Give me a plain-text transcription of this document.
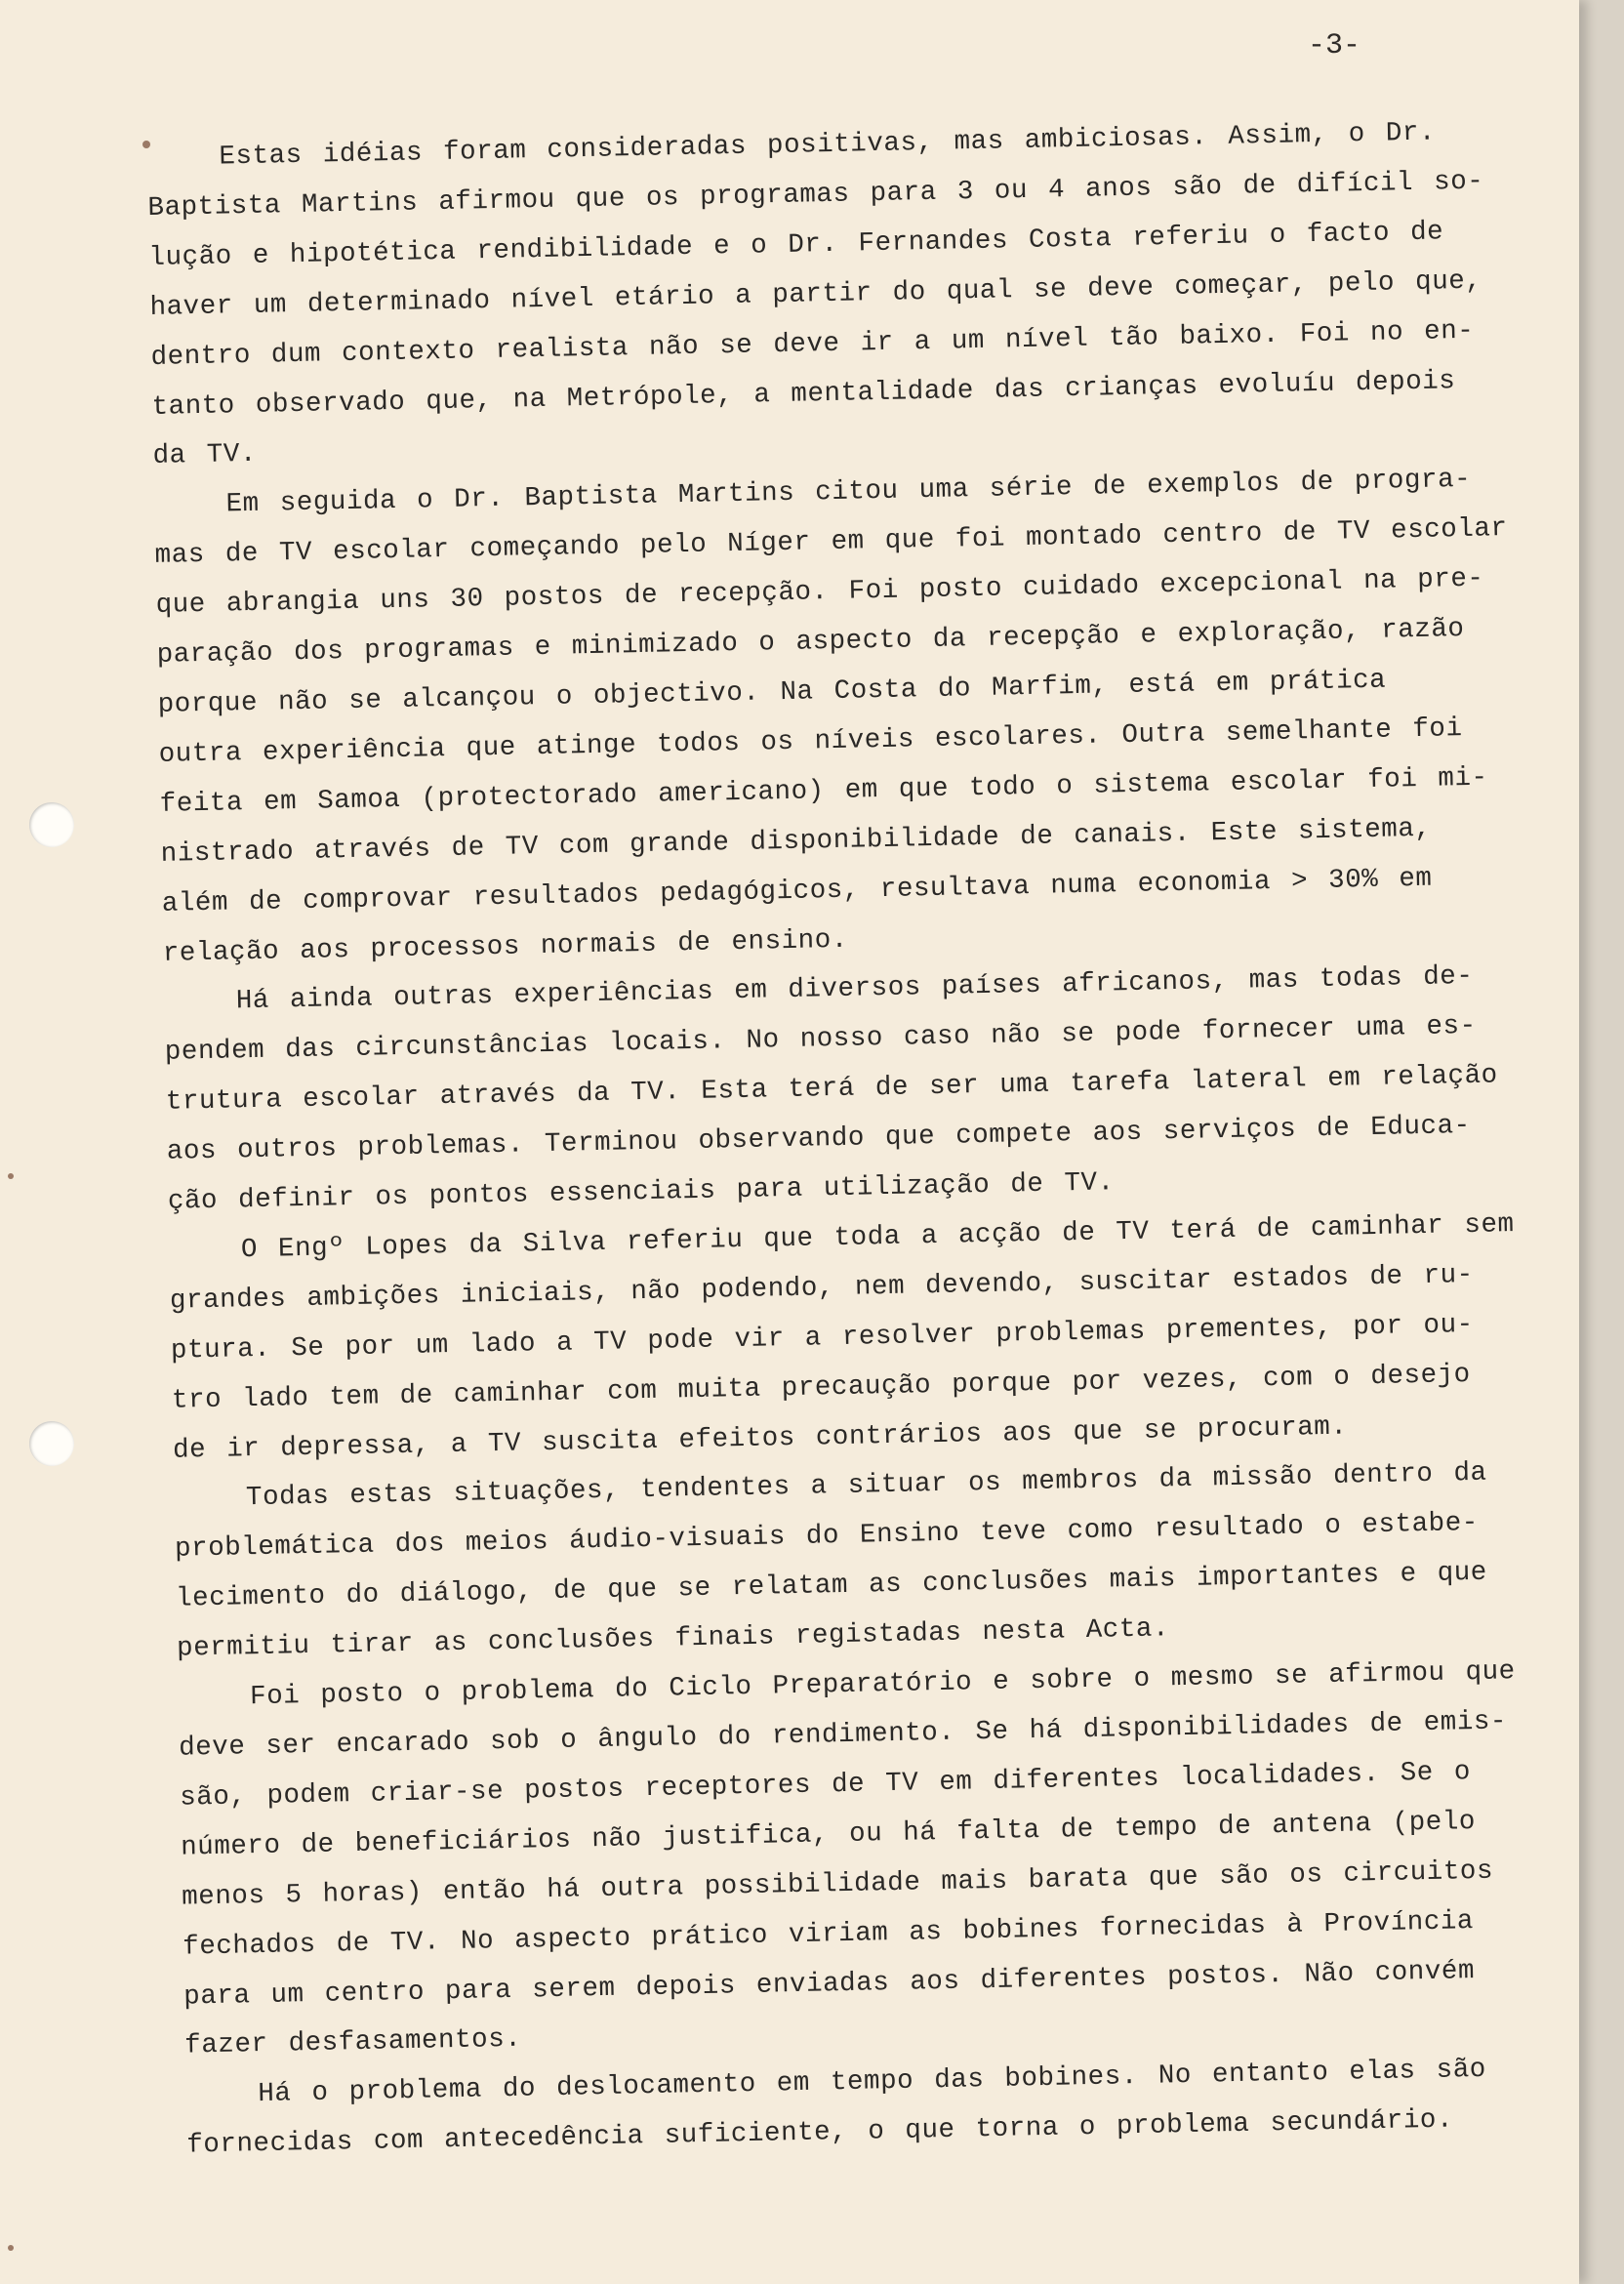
-3-

Estas idéias foram consideradas positivas, mas ambiciosas. Assim, o Dr.
Baptista Martins afirmou que os programas para 3 ou 4 anos são de difícil so-
lução e hipotética rendibilidade e o Dr. Fernandes Costa referiu o facto de
haver um determinado nível etário a partir do qual se deve começar, pelo que,
dentro dum contexto realista não se deve ir a um nível tão baixo. Foi no en-
tanto observado que, na Metrópole, a mentalidade das crianças evoluíu depois
da TV.

Em seguida o Dr. Baptista Martins citou uma série de exemplos de progra-
mas de TV escolar começando pelo Níger em que foi montado centro de TV escolar
que abrangia uns 30 postos de recepção. Foi posto cuidado excepcional na pre-
paração dos programas e minimizado o aspecto da recepção e exploração, razão
porque não se alcançou o objectivo. Na Costa do Marfim, está em prática
outra experiência que atinge todos os níveis escolares. Outra semelhante foi
feita em Samoa (protectorado americano) em que todo o sistema escolar foi mi-
nistrado através de TV com grande disponibilidade de canais. Este sistema,
além de comprovar resultados pedagógicos, resultava numa economia > 30% em
relação aos processos normais de ensino.

Há ainda outras experiências em diversos países africanos, mas todas de-
pendem das circunstâncias locais. No nosso caso não se pode fornecer uma es-
trutura escolar através da TV. Esta terá de ser uma tarefa lateral em relação
aos outros problemas. Terminou observando que compete aos serviços de Educa-
ção definir os pontos essenciais para utilização de TV.

O Engº Lopes da Silva referiu que toda a acção de TV terá de caminhar sem
grandes ambições iniciais, não podendo, nem devendo, suscitar estados de ru-
ptura. Se por um lado a TV pode vir a resolver problemas prementes, por ou-
tro lado tem de caminhar com muita precaução porque por vezes, com o desejo
de ir depressa, a TV suscita efeitos contrários aos que se procuram.

Todas estas situações, tendentes a situar os membros da missão dentro da
problemática dos meios áudio-visuais do Ensino teve como resultado o estabe-
lecimento do diálogo, de que se relatam as conclusões mais importantes e que
permitiu tirar as conclusões finais registadas nesta Acta.

Foi posto o problema do Ciclo Preparatório e sobre o mesmo se afirmou que
deve ser encarado sob o ângulo do rendimento. Se há disponibilidades de emis-
são, podem criar-se postos receptores de TV em diferentes localidades. Se o
número de beneficiários não justifica, ou há falta de tempo de antena (pelo
menos 5 horas) então há outra possibilidade mais barata que são os circuitos
fechados de TV. No aspecto prático viriam as bobines fornecidas à Província
para um centro para serem depois enviadas aos diferentes postos. Não convém
fazer desfasamentos.

Há o problema do deslocamento em tempo das bobines. No entanto elas são
fornecidas com antecedência suficiente, o que torna o problema secundário.
